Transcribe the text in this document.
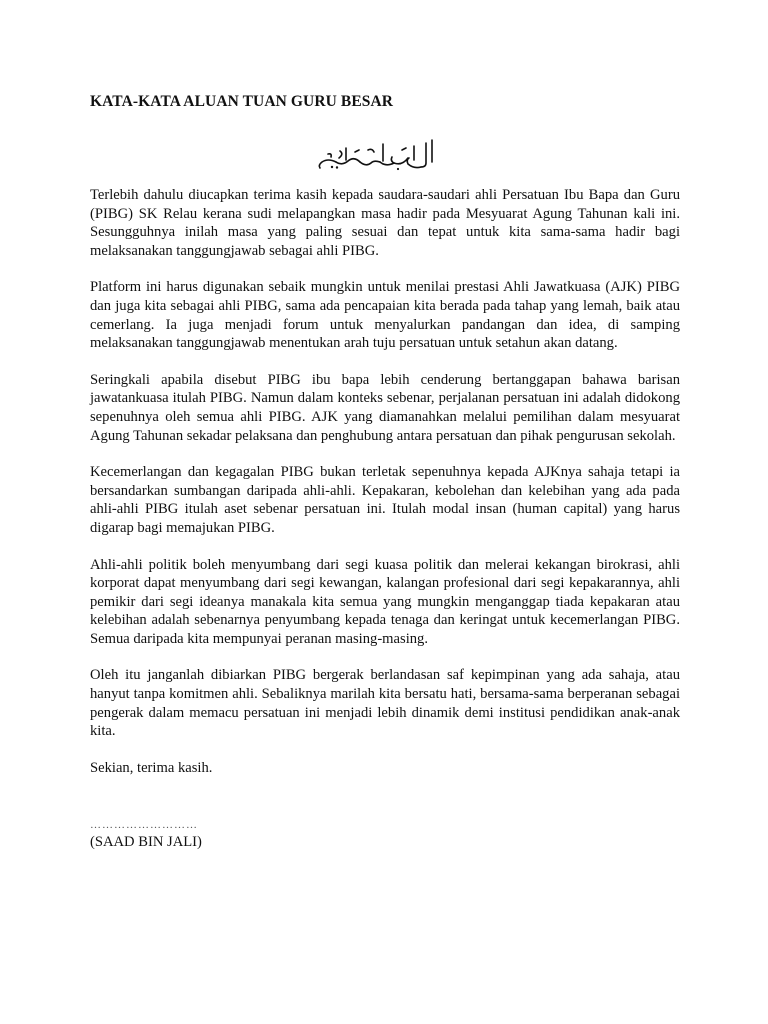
KATA-KATA ALUAN TUAN GURU BESAR

Terlebih dahulu diucapkan terima kasih kepada saudara-saudari ahli Persatuan Ibu Bapa dan Guru (PIBG) SK Relau kerana sudi melapangkan masa hadir pada Mesyuarat Agung Tahunan kali ini. Sesungguhnya inilah masa yang paling sesuai dan tepat untuk kita sama-sama hadir bagi melaksanakan tanggungjawab sebagai ahli PIBG.

Platform ini harus digunakan sebaik mungkin untuk menilai prestasi Ahli Jawatkuasa (AJK) PIBG dan juga kita sebagai ahli PIBG, sama ada pencapaian kita berada pada tahap yang lemah, baik atau cemerlang. Ia juga menjadi forum untuk menyalurkan pandangan dan idea, di samping melaksanakan tanggungjawab menentukan arah tuju persatuan untuk setahun akan datang.

Seringkali apabila disebut PIBG ibu bapa lebih cenderung bertanggapan bahawa barisan jawatankuasa itulah PIBG. Namun dalam konteks sebenar, perjalanan persatuan ini adalah didokong sepenuhnya oleh semua ahli PIBG. AJK yang diamanahkan melalui pemilihan dalam mesyuarat Agung Tahunan sekadar pelaksana dan penghubung antara persatuan dan pihak pengurusan sekolah.

Kecemerlangan dan kegagalan PIBG bukan terletak sepenuhnya kepada AJKnya sahaja tetapi ia bersandarkan sumbangan daripada ahli-ahli. Kepakaran, kebolehan dan kelebihan yang ada pada ahli-ahli PIBG itulah aset sebenar persatuan ini. Itulah modal insan (human capital) yang harus digarap bagi memajukan PIBG.

Ahli-ahli politik boleh menyumbang dari segi kuasa politik dan melerai kekangan birokrasi, ahli korporat dapat menyumbang dari segi kewangan, kalangan profesional dari segi kepakarannya, ahli pemikir dari segi ideanya manakala kita semua yang mungkin menganggap tiada kepakaran atau kelebihan adalah sebenarnya penyumbang kepada tenaga dan keringat untuk kecemerlangan PIBG. Semua daripada kita mempunyai peranan masing-masing.

Oleh itu janganlah dibiarkan PIBG bergerak berlandasan saf kepimpinan yang ada sahaja, atau hanyut tanpa komitmen ahli. Sebaliknya marilah kita bersatu hati, bersama-sama berperanan sebagai pengerak dalam memacu persatuan ini menjadi lebih dinamik demi institusi pendidikan anak-anak kita.

Sekian, terima kasih.

………………………
(SAAD BIN JALI)
